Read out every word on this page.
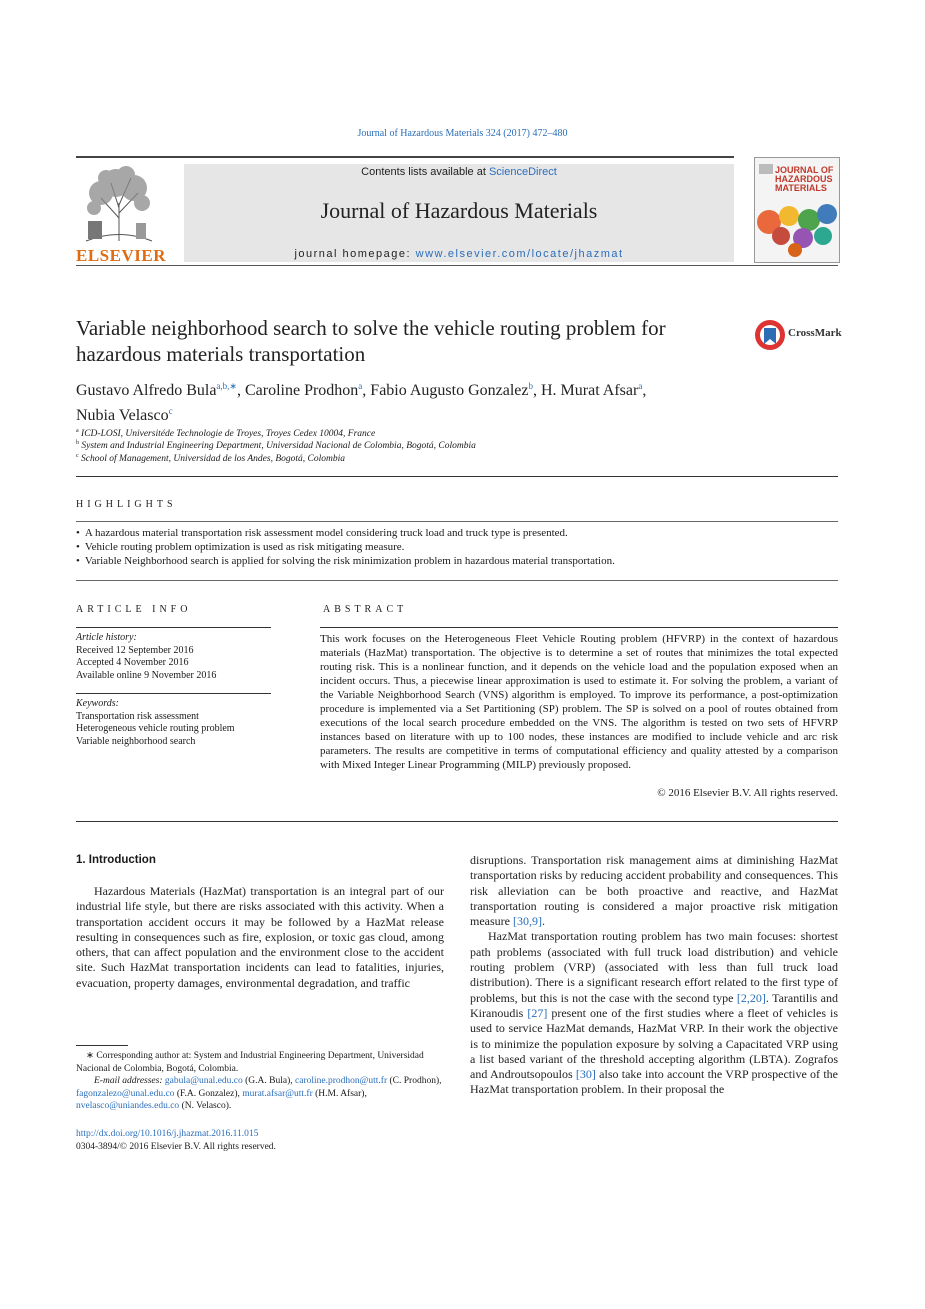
Journal of Hazardous Materials 324 (2017) 472–480
ELSEVIER
Contents lists available at ScienceDirect
Journal of Hazardous Materials
journal homepage: www.elsevier.com/locate/jhazmat
JOURNAL OF HAZARDOUS MATERIALS
Variable neighborhood search to solve the vehicle routing problem for hazardous materials transportation
CrossMark
Gustavo Alfredo Bula$^{a,b,∗}$, Caroline Prodhon$^a$, Fabio Augusto Gonzalez$^b$, H. Murat Afsar$^a$,
Nubia Velasco$^c$
$^a$ ICD-LOSI, Universitéde Technologie de Troyes, Troyes Cedex 10004, France
$^b$ System and Industrial Engineering Department, Universidad Nacional de Colombia, Bogotá, Colombia
$^c$ School of Management, Universidad de los Andes, Bogotá, Colombia
HIGHLIGHTS
• A hazardous material transportation risk assessment model considering truck load and truck type is presented.
• Vehicle routing problem optimization is used as risk mitigating measure.
• Variable Neighborhood search is applied for solving the risk minimization problem in hazardous material transportation.
ARTICLE INFO
Article history:
Received 12 September 2016
Accepted 4 November 2016
Available online 9 November 2016
Keywords:
Transportation risk assessment
Heterogeneous vehicle routing problem
Variable neighborhood search
ABSTRACT
This work focuses on the Heterogeneous Fleet Vehicle Routing problem (HFVRP) in the context of hazardous materials (HazMat) transportation. The objective is to determine a set of routes that minimizes the total expected routing risk. This is a nonlinear function, and it depends on the vehicle load and the population exposed when an incident occurs. Thus, a piecewise linear approximation is used to estimate it. For solving the problem, a variant of the Variable Neighborhood Search (VNS) algorithm is employed. To improve its performance, a post-optimization procedure is implemented via a Set Partitioning (SP) problem. The SP is solved on a pool of routes obtained from executions of the local search procedure embedded on the VNS. The algorithm is tested on two sets of HFVRP instances based on literature with up to 100 nodes, these instances are modified to include vehicle and arc risk parameters. The results are competitive in terms of computational efficiency and quality attested by a comparison with Mixed Integer Linear Programming (MILP) previously proposed.
© 2016 Elsevier B.V. All rights reserved.
1. Introduction
Hazardous Materials (HazMat) transportation is an integral part of our industrial life style, but there are risks associated with this activity. When a transportation accident occurs it may be followed by a HazMat release resulting in consequences such as fire, explosion, or toxic gas cloud, among others, that can affect population and the environment close to the accident site. Such HazMat transportation incidents can lead to fatalities, injuries, evacuation, property damages, environmental degradation, and traffic
disruptions. Transportation risk management aims at diminishing HazMat transportation risks by reducing accident probability and consequences. This risk alleviation can be both proactive and reactive, and HazMat transportation routing is considered a major proactive risk mitigation measure [30,9].
HazMat transportation routing problem has two main focuses: shortest path problems (associated with full truck load distribution) and vehicle routing problem (VRP) (associated with less than full truck load distribution). There is a significant research effort related to the first type of problems, but this is not the case with the second type [2,20]. Tarantilis and Kiranoudis [27] present one of the first studies where a fleet of vehicles is used to service HazMat demands, HazMat VRP. In their work the objective is to minimize the population exposure by solving a Capacitated VRP using a list based variant of the threshold accepting algorithm (LBTA). Zografos and Androutsopoulos [30] also take into account the VRP prospective of the HazMat transportation problem. In their proposal the
∗ Corresponding author at: System and Industrial Engineering Department, Universidad Nacional de Colombia, Bogotá, Colombia.
E-mail addresses: gabula@unal.edu.co (G.A. Bula), caroline.prodhon@utt.fr (C. Prodhon), fagonzalezo@unal.edu.co (F.A. Gonzalez), murat.afsar@utt.fr (H.M. Afsar), nvelasco@uniandes.edu.co (N. Velasco).
http://dx.doi.org/10.1016/j.jhazmat.2016.11.015
0304-3894/© 2016 Elsevier B.V. All rights reserved.
